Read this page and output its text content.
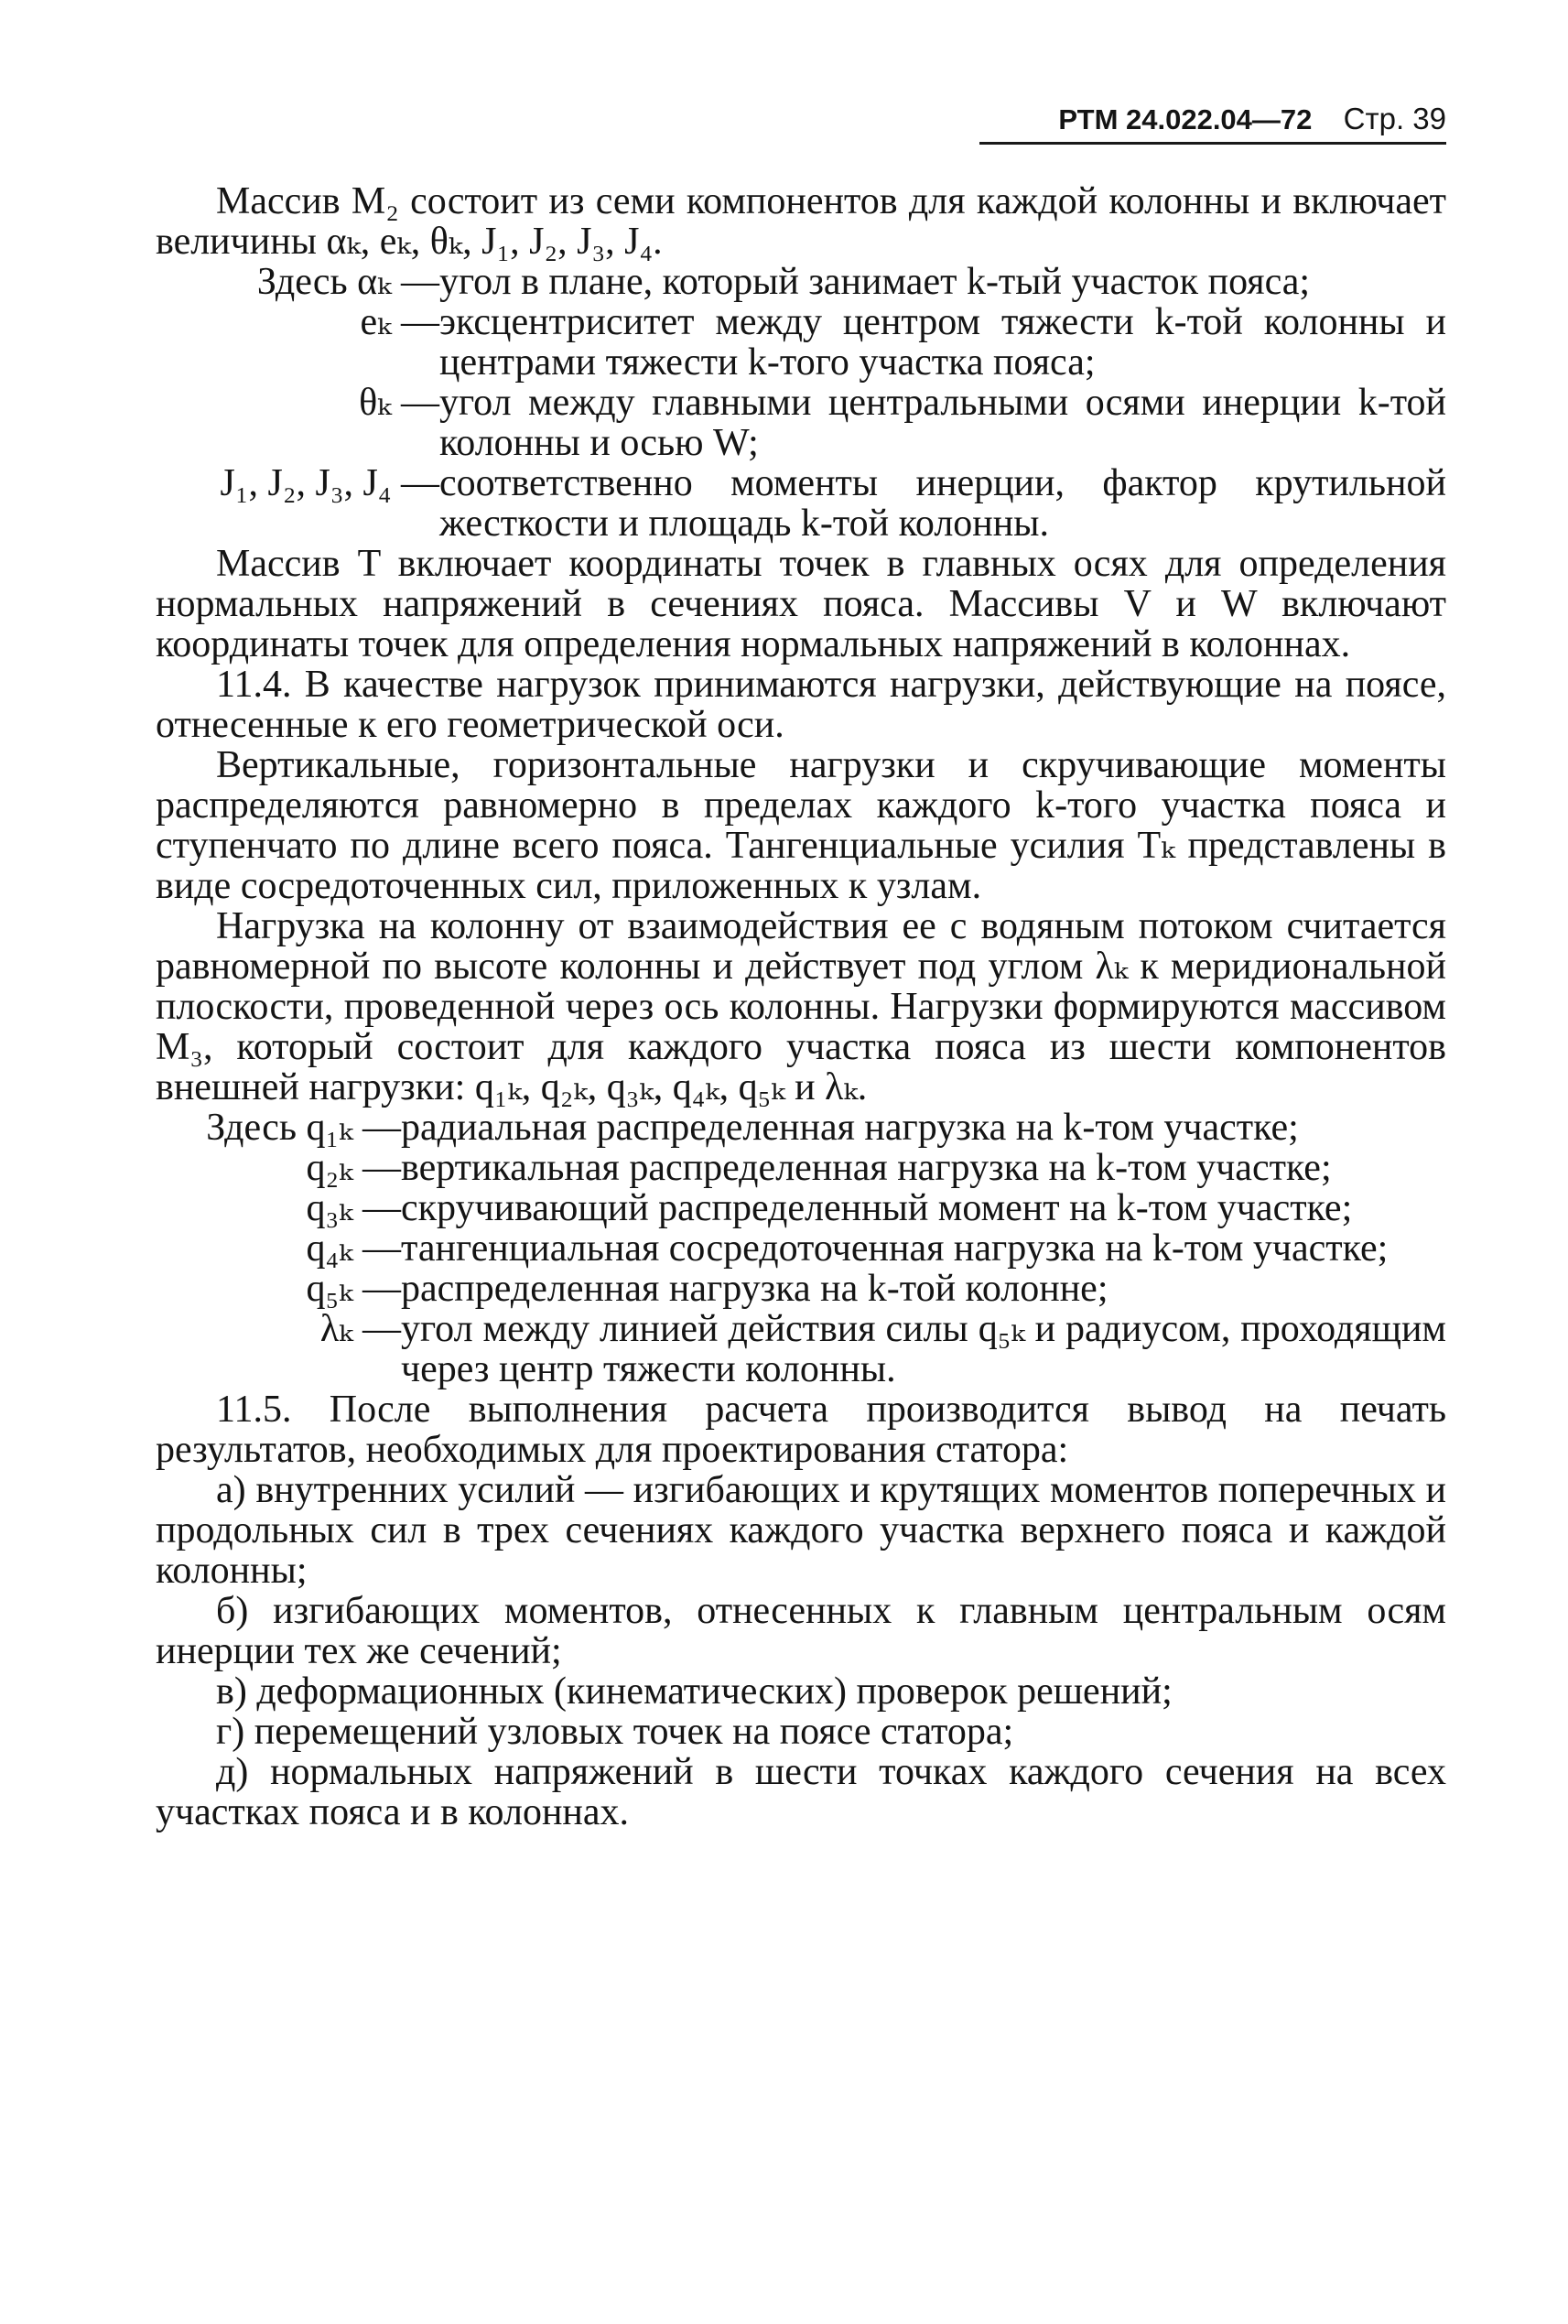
РТМ 24.022.04—72 Стр. 39

Массив M₂ состоит из семи компонентов для каждой колонны и включает величины αₖ, eₖ, θₖ, J₁, J₂, J₃, J₄.

Здесь αₖ — угол в плане, который занимает k-тый участок пояса;
eₖ — эксцентриситет между центром тяжести k-той колонны и центрами тяжести k-того участка пояса;
θₖ — угол между главными центральными осями инерции k-той колонны и осью W;
J₁, J₂, J₃, J₄ — соответственно моменты инерции, фактор крутильной жесткости и площадь k-той колонны.

Массив T включает координаты точек в главных осях для определения нормальных напряжений в сечениях пояса. Массивы V и W включают координаты точек для определения нормальных напряжений в колоннах.

11.4. В качестве нагрузок принимаются нагрузки, действующие на поясе, отнесенные к его геометрической оси.

Вертикальные, горизонтальные нагрузки и скручивающие моменты распределяются равномерно в пределах каждого k-того участка пояса и ступенчато по длине всего пояса. Тангенциальные усилия Tₖ представлены в виде сосредоточенных сил, приложенных к узлам.

Нагрузка на колонну от взаимодействия ее с водяным потоком считается равномерной по высоте колонны и действует под углом λₖ к меридиональной плоскости, проведенной через ось колонны. Нагрузки формируются массивом M₃, который состоит для каждого участка пояса из шести компонентов внешней нагрузки: q₁ₖ, q₂ₖ, q₃ₖ, q₄ₖ, q₅ₖ и λₖ.

Здесь q₁ₖ — радиальная распределенная нагрузка на k-том участке;
q₂ₖ — вертикальная распределенная нагрузка на k-том участке;
q₃ₖ — скручивающий распределенный момент на k-том участке;
q₄ₖ — тангенциальная сосредоточенная нагрузка на k-том участке;
q₅ₖ — распределенная нагрузка на k-той колонне;
λₖ — угол между линией действия силы q₅ₖ и радиусом, проходящим через центр тяжести колонны.

11.5. После выполнения расчета производится вывод на печать результатов, необходимых для проектирования статора:

а) внутренних усилий — изгибающих и крутящих моментов поперечных и продольных сил в трех сечениях каждого участка верхнего пояса и каждой колонны;

б) изгибающих моментов, отнесенных к главным центральным осям инерции тех же сечений;

в) деформационных (кинематических) проверок решений;

г) перемещений узловых точек на поясе статора;

д) нормальных напряжений в шести точках каждого сечения на всех участках пояса и в колоннах.
